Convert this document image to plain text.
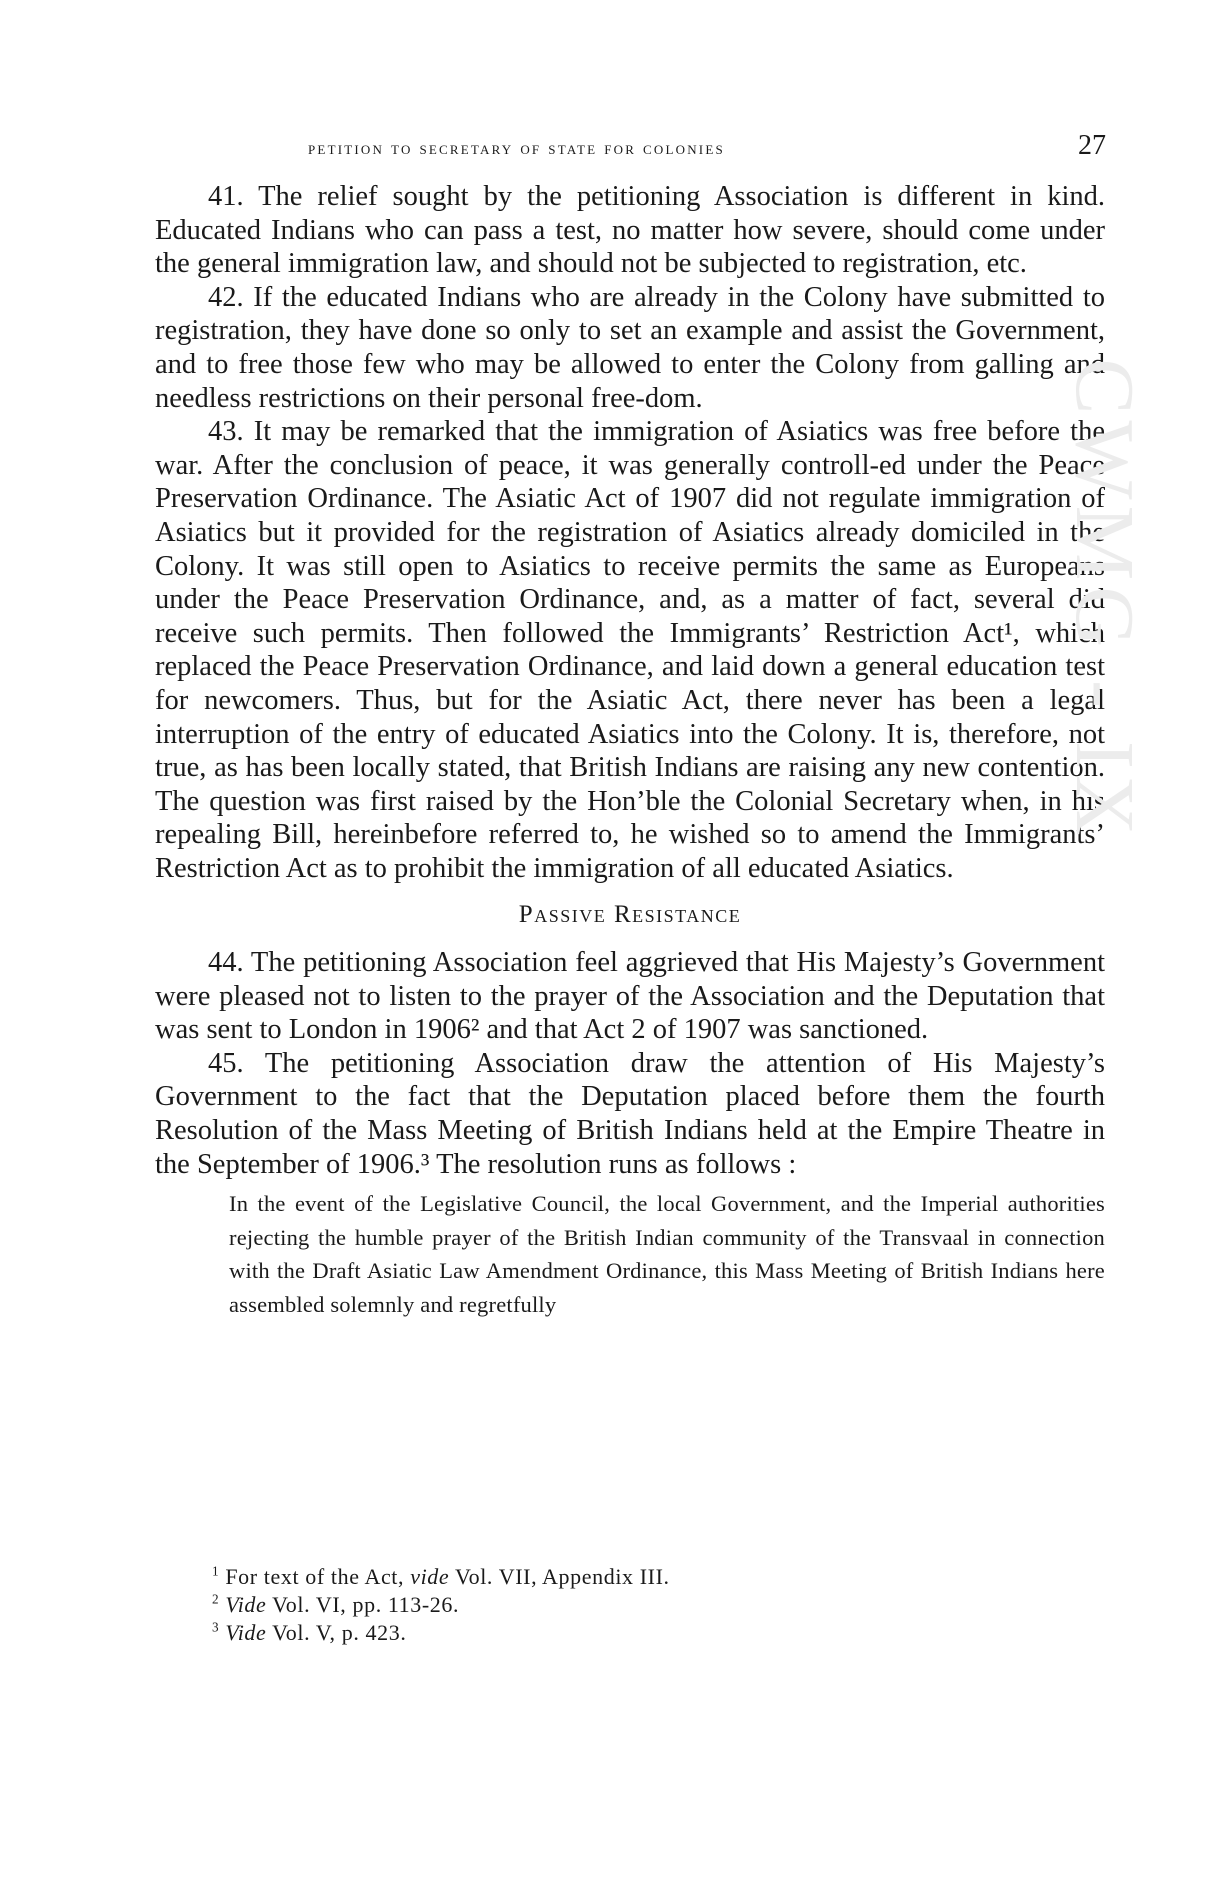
petition to secretary of state for colonies	27

41. The relief sought by the petitioning Association is different in kind. Educated Indians who can pass a test, no matter how severe, should come under the general immigration law, and should not be subjected to registration, etc.

42. If the educated Indians who are already in the Colony have submitted to registration, they have done so only to set an example and assist the Government, and to free those few who may be allowed to enter the Colony from galling and needless restrictions on their personal free-dom.

43. It may be remarked that the immigration of Asiatics was free before the war. After the conclusion of peace, it was generally controll-ed under the Peace Preservation Ordinance. The Asiatic Act of 1907 did not regulate immigration of Asiatics but it provided for the registration of Asiatics already domiciled in the Colony. It was still open to Asiatics to receive permits the same as Europeans under the Peace Preservation Ordinance, and, as a matter of fact, several did receive such permits. Then followed the Immigrants’ Restriction Act¹, which replaced the Peace Preservation Ordinance, and laid down a general education test for newcomers. Thus, but for the Asiatic Act, there never has been a legal interruption of the entry of educated Asiatics into the Colony. It is, therefore, not true, as has been locally stated, that British Indians are raising any new contention. The question was first raised by the Hon’ble the Colonial Secretary when, in his repealing Bill, hereinbefore referred to, he wished so to amend the Immigrants’ Restriction Act as to prohibit the immigration of all educated Asiatics.

Passive Resistance

44. The petitioning Association feel aggrieved that His Majesty’s Government were pleased not to listen to the prayer of the Association and the Deputation that was sent to London in 1906² and that Act 2 of 1907 was sanctioned.

45. The petitioning Association draw the attention of His Majesty’s Government to the fact that the Deputation placed before them the fourth Resolution of the Mass Meeting of British Indians held at the Empire Theatre in the September of 1906.³ The resolution runs as follows :

In the event of the Legislative Council, the local Government, and the Imperial authorities rejecting the humble prayer of the British Indian community of the Transvaal in connection with the Draft Asiatic Law Amendment Ordinance, this Mass Meeting of British Indians here assembled solemnly and regretfully

$^1$ For text of the Act, vide Vol. VII, Appendix III.

$^2$ Vide Vol. VI, pp. 113-26.

$^3$ Vide Vol. V, p. 423.

CWMG - IX
